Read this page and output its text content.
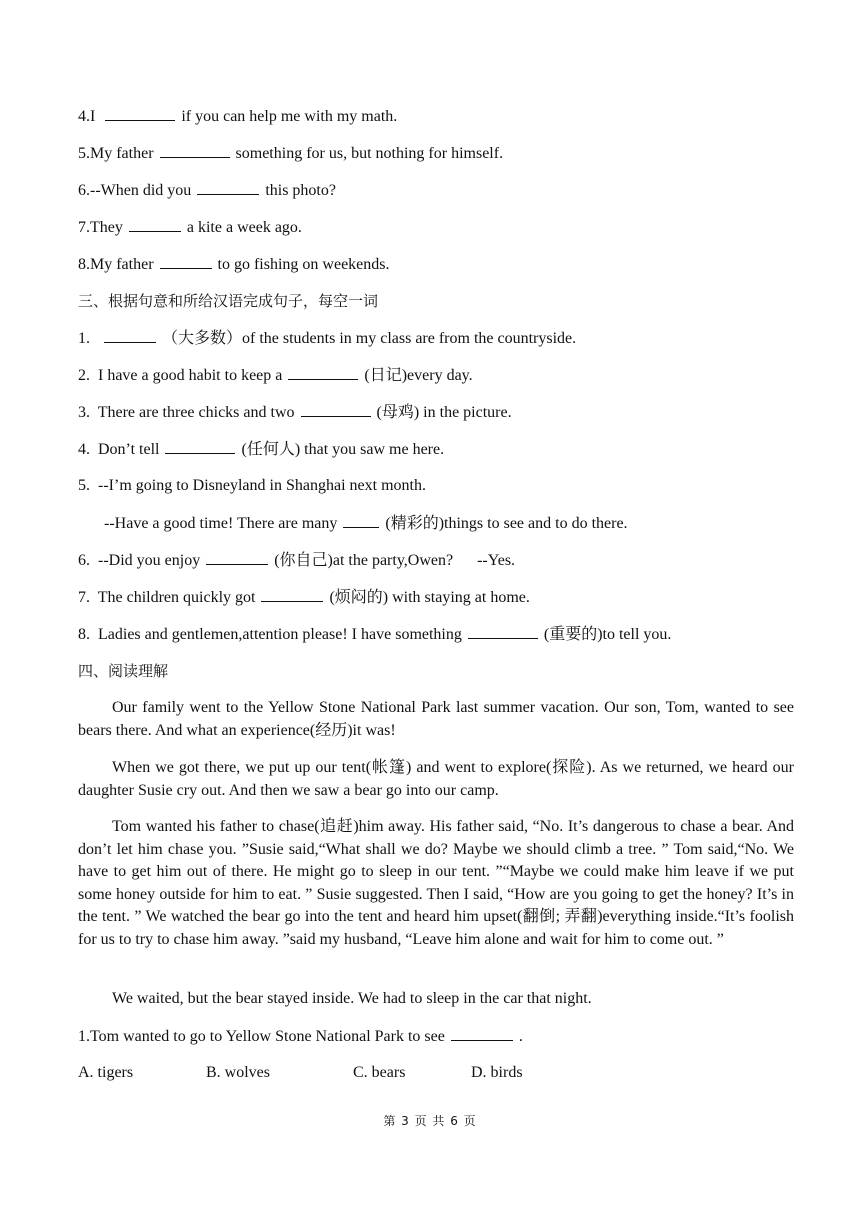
4.I	if you can help me with my math.
5.My father	something for us, but nothing for himself.
6.--When did you	this photo?
7.They	a kite a week ago.
8.My father	to go fishing on weekends.
三、根据句意和所给汉语完成句子，每空一词
1.	（大多数）of the students in my class are from the countryside.
2. I have a good habit to keep a	(日记)every day.
3. There are three chicks and two	(母鸡) in the picture.
4. Don’t tell	(任何人) that you saw me here.
5. --I’m going to Disneyland in Shanghai next month.
--Have a good time! There are many	(精彩的)things to see and to do there.
6. --Did you enjoy	(你自己)at the party,Owen?      --Yes.
7. The children quickly got	(烦闷的) with staying at home.
8. Ladies and gentlemen,attention please! I have something	(重要的)to tell you.
四、阅读理解
Our family went to the Yellow Stone National Park last summer vacation. Our son, Tom, wanted to see bears there. And what an experience(经历)it was!
When we got there, we put up our tent(帐篷) and went to explore(探险). As we returned, we heard our daughter Susie cry out. And then we saw a bear go into our camp.
Tom wanted his father to chase(追赶)him away. His father said, “No. It’s dangerous to chase a bear. And don’t let him chase you. ”Susie said,“What shall we do? Maybe we should climb a tree. ” Tom said,“No. We have to get him out of there. He might go to sleep in our tent. ”“Maybe we could make him leave if we put some honey outside for him to eat. ” Susie suggested. Then I said, “How are you going to get the honey? It’s in the tent. ” We watched the bear go into the tent and heard him upset(翻倒; 弄翻)everything inside.“It’s foolish for us to try to chase him away. ”said my husband, “Leave him alone and wait for him to come out. ”
We waited, but the bear stayed inside. We had to sleep in the car that night.
1.Tom wanted to go to Yellow Stone National Park to see	.
A. tigers	B. wolves	C. bears	D. birds
第 3 页 共 6 页
